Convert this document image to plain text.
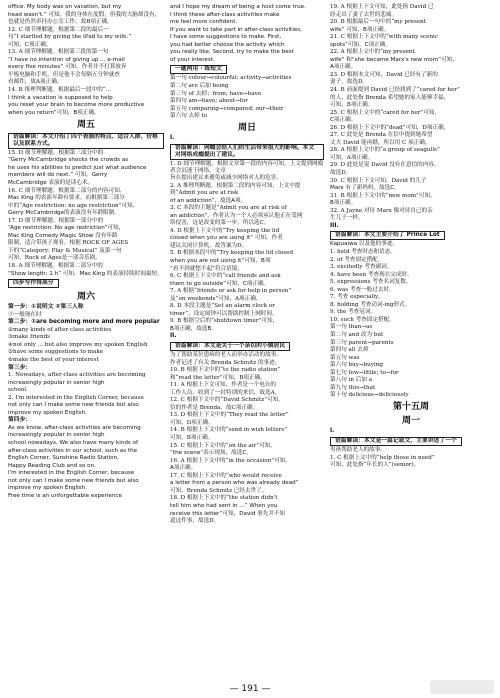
office. My body was on vacation, but my
head wasn't.” 可知，我的身体在度假，但我的大脑却没有，
也就是仍然牵挂办公室工作，故B项正确。
12. C 细节理解题。根据第二段的最后一
句“I startled by giving the iPad to my wife.”
可知，C项正确。
13. A 细节理解题。根据第三段的第一句
“I have no intention of giving up ... e-mail
every five minutes” 可知，作者并不打算放弃
平板电脑和手机，但是他不会每隔五分钟就查
看邮件，故A项正确。
14. B 推理判断题。根据最后一段中的“...
I think a vacation is supposed to help
you reset your brain to become more productive
when you return”可知，B项正确。
周五
语篇解读：本文介绍了四个表演的特点、适合人群、价格以及联系方式。
15. D 细节理解题。根据第三部分中的
“Gerry McCambridge shocks the crowds as
he uses his abilities to predict just what audience
members will do next.” 可知，Gerry
McCambridge 表演的是读心术。
16. C 细节理解题。根据第二部分的内容可知，
Mac King 的表演年龄有要求，而根据第三部分
中的“Age restriction: no age restriction”可知，
Gerry McCambridge的表演没有年龄限制。
17. D 细节理解题。根据第一部分中的
“Age restriction: No age restriction”可知，
Mac King Comedy Magic Show 没有年龄
限制，适合带孩子观看。根据 ROCK OF AGES
下的“Category: Play & Musical” 及第一句
可知，Rock of Ages是一部音乐剧。
18. A 细节理解题。根据第二部分中的
“Show length: 1 h” 可知，Mac King 的表演持续时间最短。
四步写作得高分
周六
第一步：①说明文 ②第三人称
③一般现在时
第二步：①are becoming more and more popular
②many kinds of after-class activities
③make friends
④not only ... but also improve my spoken English
⑤have some suggestions to make
⑥make the best of your interest
第三步：
1. Nowadays, after-class activities are becoming
increasingly popular in senior high
school.
2. I'm interested in the English Corner, because
not only can I make some new friends but also
improve my spoken English.
第四步：
As we know, after-class activities are becoming
increasingly popular in senior high
school nowadays. We also have many kinds of
after-class activities in our school, such as the
English Corner, Sunshine Radio Station,
Happy Reading Club and so on.
I'm interested in the English Corner, because
not only can I make some new friends but also
improve my spoken English.
Free time is an unforgettable experience
and I hope my dream of being a host come true.
I think these after-class activities make
me feel more confident.
If you want to take part in after-class activities,
I have some suggestions to make. First,
you had better choose the activity which
you really like. Second, try to make the best
of your interest.
一题两用 · 练短文
第一句 colour→colourful; activity→activities
第二句 are 后加 being
第三句 of 去掉；from; have→have
第四句 am→have; about→for
第五句 comparing→compared; our→their
第六句 去掉 to
周日
I.
语篇解读：网瘾会给人们的生活带来很大的影响。本文对网络成瘾提出了建议。
1. D 细节理解题。根据文章第一段的内容可知，上文提到网瘾者会沉迷于网络，文章
旨在提出建议来避免或减少网络对人的危害。
2. A 推理判断题。根据第二段的内容可知，上文中提到“Admit you are at risk
of an addiction”，故选A项。
3. C 本段的主题是“Admit you are at risk of
an addiction”，作者认为一个人必须承认他正在受网
络侵害，这是改变的第一步，所以选C。
4. D 根据上下文中的“Try keeping the lid
closed when you are using it” 可知，作者
建议关闭计算机，故答案为D。
5. B 根据本段中的“Try keeping the lid closed
when you are not using it”可知，B项
“看不到就想不起”符合语境。
6. C 根据上下文中的“call friends and ask
them to go outside”可知，C项正确。
7. A 根据“friends or ask for help in person”
及“on weekends”可知，A项正确。
8. D 本段主题是“Set an alarm clock or
timer”，设定闹钟可以帮助控制上网时间。
9. B 根据空后的“shutdown timer”可知，
B项正确，故选B。
II.
语篇解读：本文是关于一个亲切的小镇居民
为了帮助某位患病的老人而举办活动的故事。
作者记述了有关 Brenda Schmitz 的事迹。
10. B 根据下文中的“to the radio station”
和“read the letter”可知，B项正确。
11. A 根据上下文可知，作者是一个电台的
工作人员，收到了一封特别的来信，故选A。
12. C 根据下文中的“David Schmitz”可知，
信的作者是 Brenda，故C项正确。
13. D 根据上下文中的“They read the letter”
可知，D项正确。
14. B 根据上下文中的“send in wish letters”
可知，B项正确。
15. C 根据上下文中的“on the air”可知，
“the scene”表示现场，故选C。
16. A 根据上下文中的“in the occasion”可知，
A项正确。
17. C 根据上下文中的“who would receive
a letter from a person who was already dead”
可知，Brenda Schmitz 已经去世了。
18. D 根据上下文中的“the station didn't
tell him who had sent in ...” When you
receive this letter”可知，David 事先并不知
道这件事，故选D。
19. A 根据上下文可知，此处指 David 已
经走出了妻子去世的悲痛。
20. B 根据最后一句中的“my present
wife” 可知，B项正确。
21. C 根据上下文中的“with many scenic
spots”可知，C项正确。
22. A 根据上文中的“my present
wife” 和“she became Marx's new mom”可知，
A项正确。
23. D 根据本文可知，David 已经有了新的
妻子，故选D。
24. B 前面提到 David 已经找到了“cared for her”
的人，此处指 Brenda 希望她的家人能够幸福，
可知，B项正确。
25. C 根据上文中的“cared for her”可知，
C项正确。
26. D 根据上下文中的“dead”可知，D项正确。
27. C 此处是 Brenda 在信中提到她希望
丈夫 David 能再婚，所以用 C 项正确。
28. A 根据上文中的“a group of seagulls”
可知，A项正确。
29. D 此处是说 David 没有在意信的内容，
故选D。
30. C 根据上下文可知，David 的儿子
Marx 有了新妈妈，故选C。
31. B 根据上下文中的“new mom”可知，
B项正确。
32. A Jayne 对待 Marx 像对待自己的亲
生儿子一样。
III.
语篇解读：本文主要介绍了 Prince Lot
Kapuaiwa 以及他的事迹。
1. held 考查时态和语态。
2. of 考查固定搭配。
3. excitedly 考查副词。
4. have been 考查现在完成时。
5. expressions 考查名词复数。
6. was 考查一般过去时。
7. 考查 especially。
8. holding 考查动词-ing形式。
9. the 考查冠词。
10. such 考查固定搭配。
第一句 than→as
第二句 and 改为 but
第三句 parent→parents
第四句 all 去掉
第五句 was
第六句 buy→buying
第七句 few→little; to→for
第八句 in 后加 a
第九句 this→that
第十句 delicious→deliciously
第十五周
周一
I.
语篇解读：本文是一篇记叙文，主要讲述了一个
男孩帮助老人的故事。
1. C 根据上文中的“help those in need”
可知，此处指“年长的人”(senior)。
— 191 —
